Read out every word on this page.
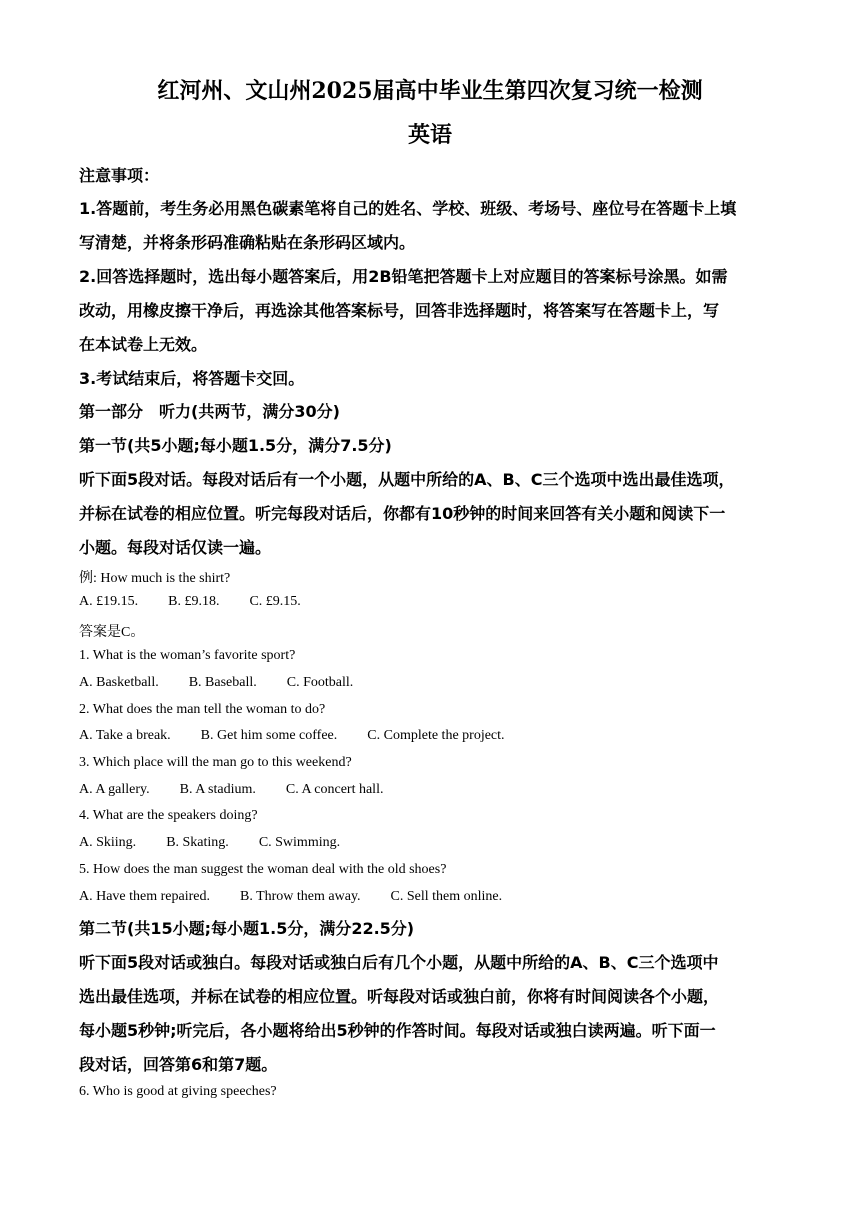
红河州、文山州2025届高中毕业生第四次复习统一检测
英语
注意事项：
1.答题前，考生务必用黑色碳素笔将自己的姓名、学校、班级、考场号、座位号在答题卡上填
写清楚，并将条形码准确粘贴在条形码区域内。
2.回答选择题时，选出每小题答案后，用2B铅笔把答题卡上对应题目的答案标号涂黑。如需
改动，用橡皮擦干净后，再选涂其他答案标号，回答非选择题时，将答案写在答题卡上，写
在本试卷上无效。
3.考试结束后，将答题卡交回。
第一部分　听力(共两节，满分30分)
第一节(共5小题;每小题1.5分，满分7.5分)
听下面5段对话。每段对话后有一个小题，从题中所给的A、B、C三个选项中选出最佳选项，
并标在试卷的相应位置。听完每段对话后，你都有10秒钟的时间来回答有关小题和阅读下一
小题。每段对话仅读一遍。
例: How much is the shirt?
A. £19.15. B. £9.18. C. £9.15.
答案是C。
1. What is the woman’s favorite sport?
A. Basketball. B. Baseball. C. Football.
2. What does the man tell the woman to do?
A. Take a break. B. Get him some coffee. C. Complete the project.
3. Which place will the man go to this weekend?
A. A gallery. B. A stadium. C. A concert hall.
4. What are the speakers doing?
A. Skiing. B. Skating. C. Swimming.
5. How does the man suggest the woman deal with the old shoes?
A. Have them repaired. B. Throw them away. C. Sell them online.
第二节(共15小题;每小题1.5分，满分22.5分)
听下面5段对话或独白。每段对话或独白后有几个小题，从题中所给的A、B、C三个选项中
选出最佳选项，并标在试卷的相应位置。听每段对话或独白前，你将有时间阅读各个小题，
每小题5秒钟;听完后，各小题将给出5秒钟的作答时间。每段对话或独白读两遍。听下面一
段对话，回答第6和第7题。
6. Who is good at giving speeches?
